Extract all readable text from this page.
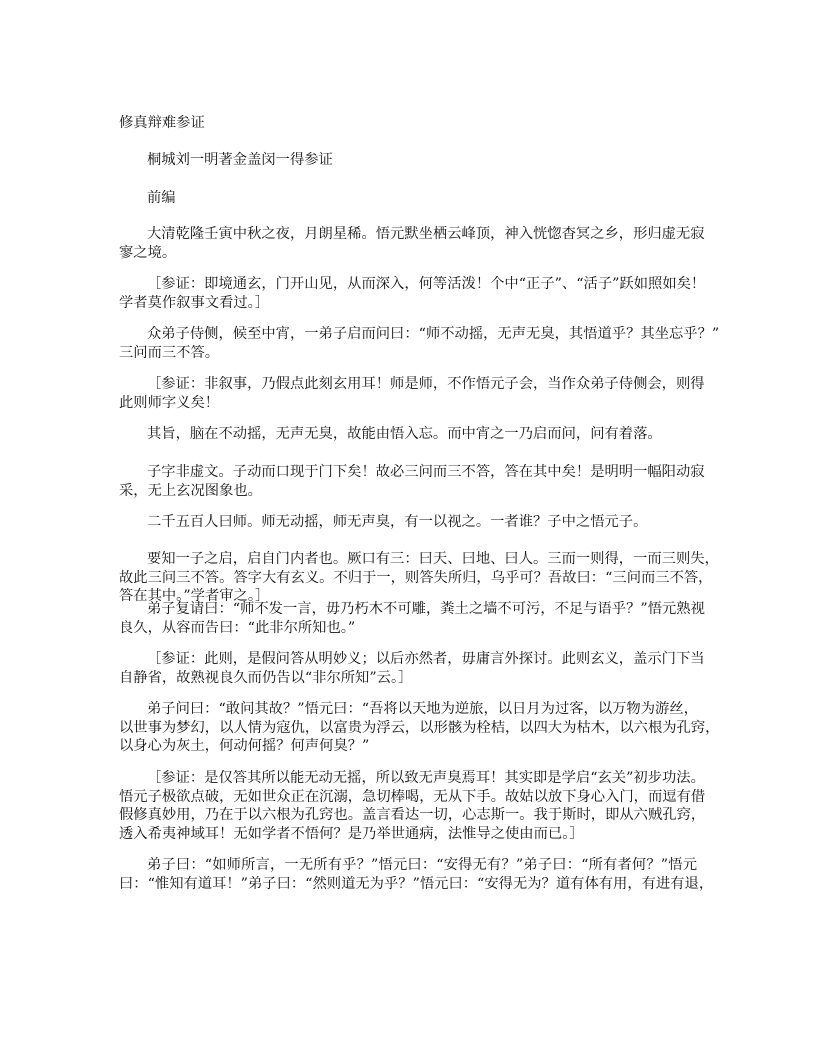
修真辩难参证
桐城刘一明著金盖闵一得参证
前编
大清乾隆壬寅中秋之夜，月朗星稀。悟元默坐栖云峰顶，神入恍惚杳冥之乡，形归虚无寂
寥之境。
［参证：即境通玄，门开山见，从而深入，何等活泼！个中“正子”、“活子”跃如照如矣！
学者莫作叙事文看过。］
众弟子侍侧，候至中宵，一弟子启而问曰：“师不动摇，无声无臭，其悟道乎？其坐忘乎？”
三问而三不答。
［参证：非叙事，乃假点此刻玄用耳！师是师，不作悟元子会，当作众弟子侍侧会，则得
此则师字义矣！
其旨，脑在不动摇，无声无臭，故能由悟入忘。而中宵之一乃启而问，问有着落。
子字非虚文。子动而口现于门下矣！故必三问而三不答，答在其中矣！是明明一幅阳动寂
采，无上玄况图象也。
二千五百人曰师。师无动摇，师无声臭，有一以视之。一者谁？子中之悟元子。
要知一子之启，启自门内者也。厥口有三：曰天、曰地、曰人。三而一则得，一而三则失，
故此三问三不答。答字大有玄义。不归于一，则答失所归，乌乎可？吾故曰：“三问而三不答，
答在其中。”学者审之。］
弟子复请曰：“师不发一言，毋乃朽木不可雕，粪土之墙不可污，不足与语乎？”悟元熟视
良久，从容而告曰：“此非尔所知也。”
［参证：此则，是假问答从明妙义；以后亦然者，毋庸言外探讨。此则玄义，盖示门下当
自静省，故熟视良久而仍告以“非尔所知”云。］
弟子问曰：“敢问其故？”悟元曰：“吾将以天地为逆旅，以日月为过客，以万物为游丝，
以世事为梦幻，以人情为寇仇，以富贵为浮云，以形骸为栓桔，以四大为枯木，以六根为孔窍，
以身心为灰土，何动何摇？何声何臭？”
［参证：是仅答其所以能无动无摇，所以致无声臭焉耳！其实即是学启“玄关”初步功法。
悟元子极欲点破，无如世众正在沉溺，急切棒喝，无从下手。故姑以放下身心入门，而逗有借
假修真妙用，乃在于以六根为孔窍也。盖言看达一切，心志斯一。我于斯时，即从六贼孔窍，
透入希夷神域耳！无如学者不悟何？是乃举世通病，法惟导之使由而已。］
弟子曰：“如师所言，一无所有乎？”悟元曰：“安得无有？”弟子曰：“所有者何？”悟元
曰：“惟知有道耳！”弟子曰：“然则道无为乎？”悟元曰：“安得无为？道有体有用，有进有退，
